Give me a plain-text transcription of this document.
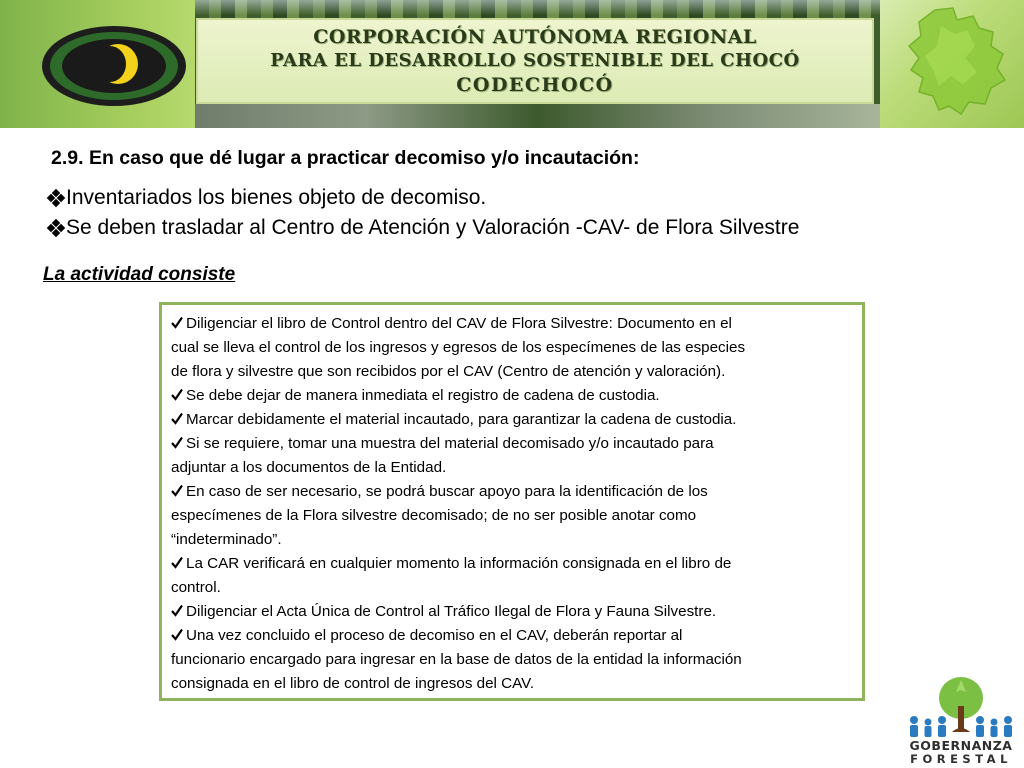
CORPORACIÓN AUTÓNOMA REGIONAL
PARA EL DESARROLLO SOSTENIBLE DEL CHOCÓ
CODECHOCÓ
2.9. En caso que dé lugar a practicar decomiso y/o incautación:
Inventariados los bienes objeto de decomiso.
Se deben trasladar al Centro de Atención y Valoración -CAV- de Flora Silvestre
La actividad consiste
Diligenciar el libro de Control dentro del CAV de Flora Silvestre: Documento en el
cual se lleva el control de los ingresos y egresos de los especímenes de las especies
de flora y silvestre que son recibidos por el CAV (Centro de atención y valoración).
Se debe dejar de manera inmediata el registro de cadena de custodia.
Marcar debidamente el material incautado, para garantizar la cadena de custodia.
Si se requiere, tomar una muestra del material decomisado y/o incautado para
adjuntar a los documentos de la Entidad.
En caso de ser necesario, se podrá buscar apoyo para la identificación de los
especímenes de la Flora silvestre decomisado; de no ser posible anotar como
“indeterminado”.
La CAR verificará en cualquier momento la información consignada en el libro de
control.
Diligenciar el Acta Única de Control al Tráfico Ilegal de Flora y Fauna Silvestre.
Una vez concluido el proceso de decomiso en el CAV, deberán reportar al
funcionario encargado para ingresar en la base de datos de la entidad la información
consignada en el libro de control de ingresos del CAV.
GOBERNANZA
FORESTAL
